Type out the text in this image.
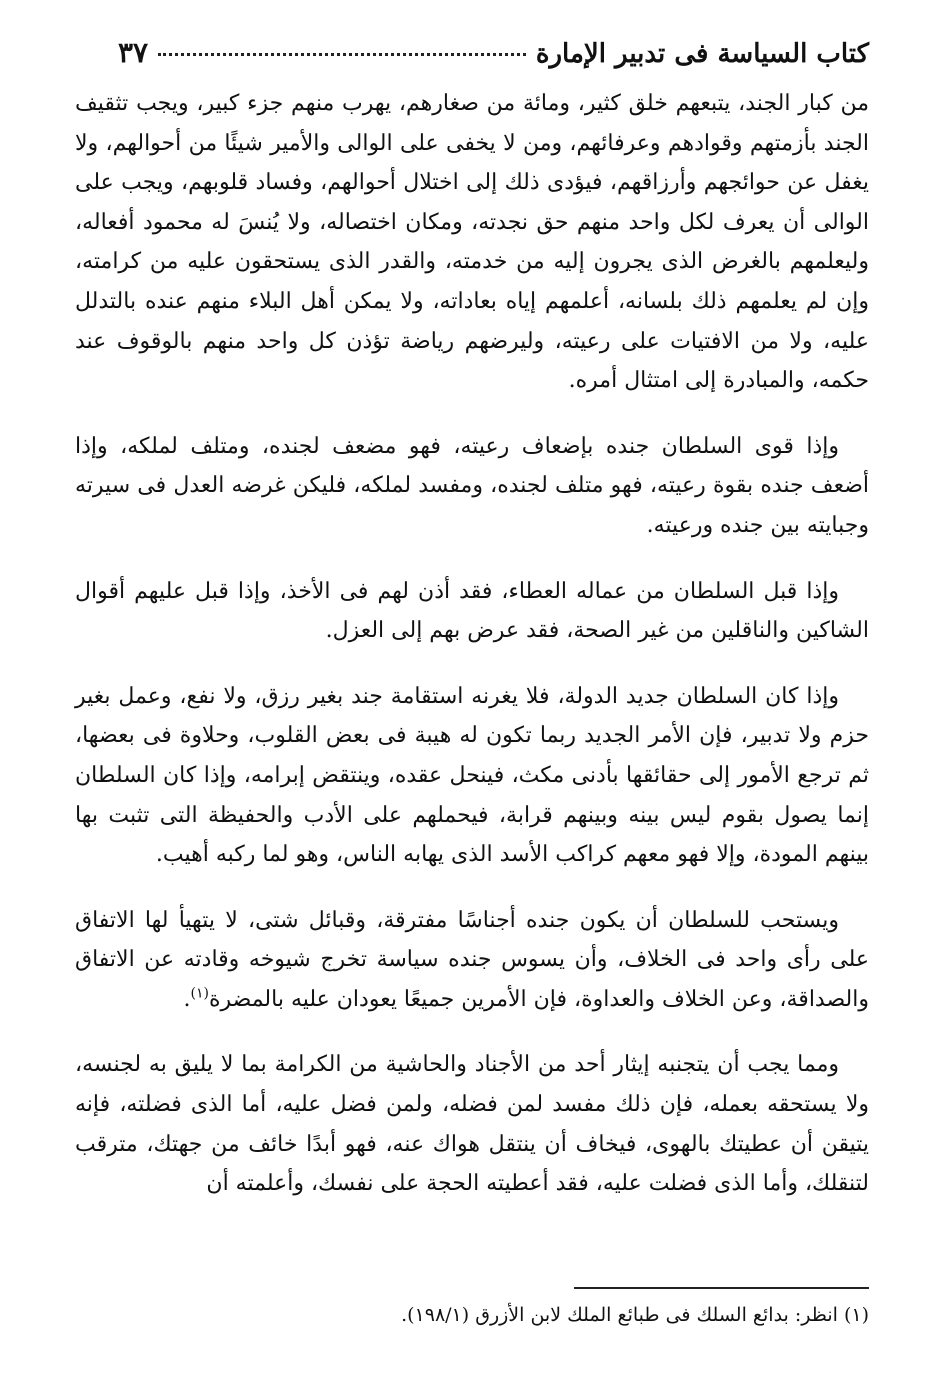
كتاب السياسة فى تدبير الإمارة
٣٧

من كبار الجند، يتبعهم خلق كثير، ومائة من صغارهم، يهرب منهم جزء كبير، ويجب تثقيف الجند بأزمتهم وقوادهم وعرفائهم، ومن لا يخفى على الوالى والأمير شيئًا من أحوالهم، ولا يغفل عن حوائجهم وأرزاقهم، فيؤدى ذلك إلى اختلال أحوالهم، وفساد قلوبهم، ويجب على الوالى أن يعرف لكل واحد منهم حق نجدته، ومكان اختصاله، ولا يُنسَ له محمود أفعاله، وليعلمهم بالغرض الذى يجرون إليه من خدمته، والقدر الذى يستحقون عليه من كرامته، وإن لم يعلمهم ذلك بلسانه، أعلمهم إياه بعاداته، ولا يمكن أهل البلاء منهم عنده بالتدلل عليه، ولا من الافتيات على رعيته، وليرضهم رياضة تؤذن كل واحد منهم بالوقوف عند حكمه، والمبادرة إلى امتثال أمره.

وإذا قوى السلطان جنده بإضعاف رعيته، فهو مضعف لجنده، ومتلف لملكه، وإذا أضعف جنده بقوة رعيته، فهو متلف لجنده، ومفسد لملكه، فليكن غرضه العدل فى سيرته وجبايته بين جنده ورعيته.

وإذا قبل السلطان من عماله العطاء، فقد أذن لهم فى الأخذ، وإذا قبل عليهم أقوال الشاكين والناقلين من غير الصحة، فقد عرض بهم إلى العزل.

وإذا كان السلطان جديد الدولة، فلا يغرنه استقامة جند بغير رزق، ولا نفع، وعمل بغير حزم ولا تدبير، فإن الأمر الجديد ربما تكون له هيبة فى بعض القلوب، وحلاوة فى بعضها، ثم ترجع الأمور إلى حقائقها بأدنى مكث، فينحل عقده، وينتقض إبرامه، وإذا كان السلطان إنما يصول بقوم ليس بينه وبينهم قرابة، فيحملهم على الأدب والحفيظة التى تثبت بها بينهم المودة، وإلا فهو معهم كراكب الأسد الذى يهابه الناس، وهو لما ركبه أهيب.

ويستحب للسلطان أن يكون جنده أجناسًا مفترقة، وقبائل شتى، لا يتهيأ لها الاتفاق على رأى واحد فى الخلاف، وأن يسوس جنده سياسة تخرج شيوخه وقادته عن الاتفاق والصداقة، وعن الخلاف والعداوة، فإن الأمرين جميعًا يعودان عليه بالمضرة$^{(١)}$.

ومما يجب أن يتجنبه إيثار أحد من الأجناد والحاشية من الكرامة بما لا يليق به لجنسه، ولا يستحقه بعمله، فإن ذلك مفسد لمن فضله، ولمن فضل عليه، أما الذى فضلته، فإنه يتيقن أن عطيتك بالهوى، فيخاف أن ينتقل هواك عنه، فهو أبدًا خائف من جهتك، مترقب لتنقلك، وأما الذى فضلت عليه، فقد أعطيته الحجة على نفسك، وأعلمته أن

(١) انظر: بدائع السلك فى طبائع الملك لابن الأزرق (١٩٨/١).
